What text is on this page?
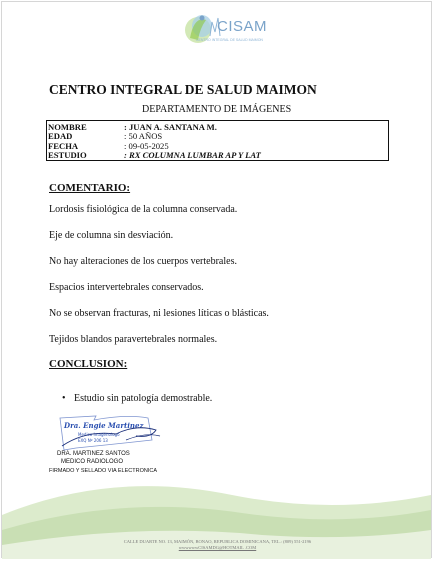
CISAM
CENTRO INTEGRAL DE SALUD MAIMON
CENTRO INTEGRAL DE SALUD MAIMON
DEPARTAMENTO DE IMÁGENES
NOMBRE	: JUAN A. SANTANA M.
EDAD	: 50 AÑOS
FECHA	: 09-05-2025
ESTUDIO	: RX COLUMNA LUMBAR AP Y LAT
COMENTARIO:
Lordosis fisiológica de la columna conservada.
Eje de columna sin desviación.
No hay alteraciones de los cuerpos vertebrales.
Espacios intervertebrales conservados.
No se observan fracturas, ni lesiones líticas o blásticas.
Tejidos blandos paravertebrales normales.
CONCLUSION:
• Estudio sin patología demostrable.
Dra. Engie Martinez
Medico Imagenologo
EXQ Nº 206 13
DRA. MARTINEZ SANTOS
MEDICO RADIOLOGO
FIRMADO Y SELLADO VIA ELECTRONICA
CALLE DUARTE NO. 13, MAIMÓN, BONAO, REPUBLICA DOMINICANA, TEL.: (809) 551-2196
wwwwwwCISAMDG@HOTMAIL .COM
